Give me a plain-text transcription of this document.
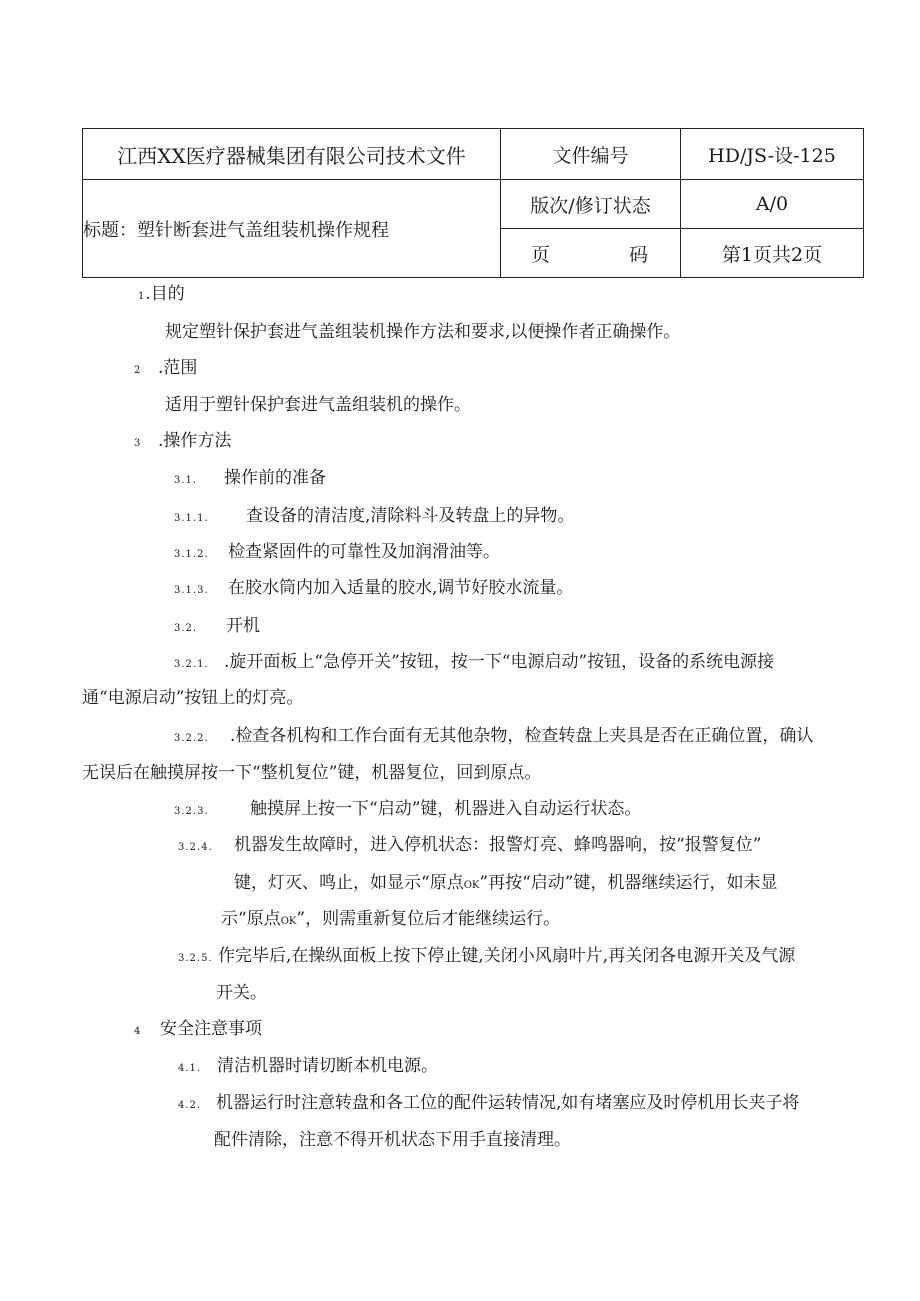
江西XX医疗器械集团有限公司技术文件	文件编号	HD/JS-设-125
标题：塑针断套进气盖组装机操作规程	版次/修订状态	A/0

	页 码	第1页共2页
1.目的
规定塑针保护套进气盖组装机操作方法和要求,以便操作者正确操作。
2 .范围
适用于塑针保护套进气盖组装机的操作。
3 .操作方法
3.1. 操作前的准备
3.1.1. 查设备的清洁度,清除料斗及转盘上的异物。
3.1.2. 检查紧固件的可靠性及加润滑油等。
3.1.3. 在胶水筒内加入适量的胶水,调节好胶水流量。
3.2. 开机
3.2.1. .旋开面板上“急停开关”按钮，按一下“电源启动”按钮，设备的系统电源接
通“电源启动”按钮上的灯亮。
3.2.2. .检查各机构和工作台面有无其他杂物，检查转盘上夹具是否在正确位置，确认
无误后在触摸屏按一下“整机复位”键，机器复位，回到原点。
3.2.3. 触摸屏上按一下“启动”键，机器进入自动运行状态。
3.2.4. 机器发生故障时，进入停机状态：报警灯亮、蜂鸣器响，按“报警复位”
键，灯灭、鸣止，如显示“原点OK”再按“启动”键，机器继续运行，如未显
示“原点OK”，则需重新复位后才能继续运行。
3.2.5. 作完毕后,在操纵面板上按下停止键,关闭小风扇叶片,再关闭各电源开关及气源
开关。
4 安全注意事项
4.1. 清洁机器时请切断本机电源。
4.2. 机器运行时注意转盘和各工位的配件运转情况,如有堵塞应及时停机用长夹子将
配件清除，注意不得开机状态下用手直接清理。
